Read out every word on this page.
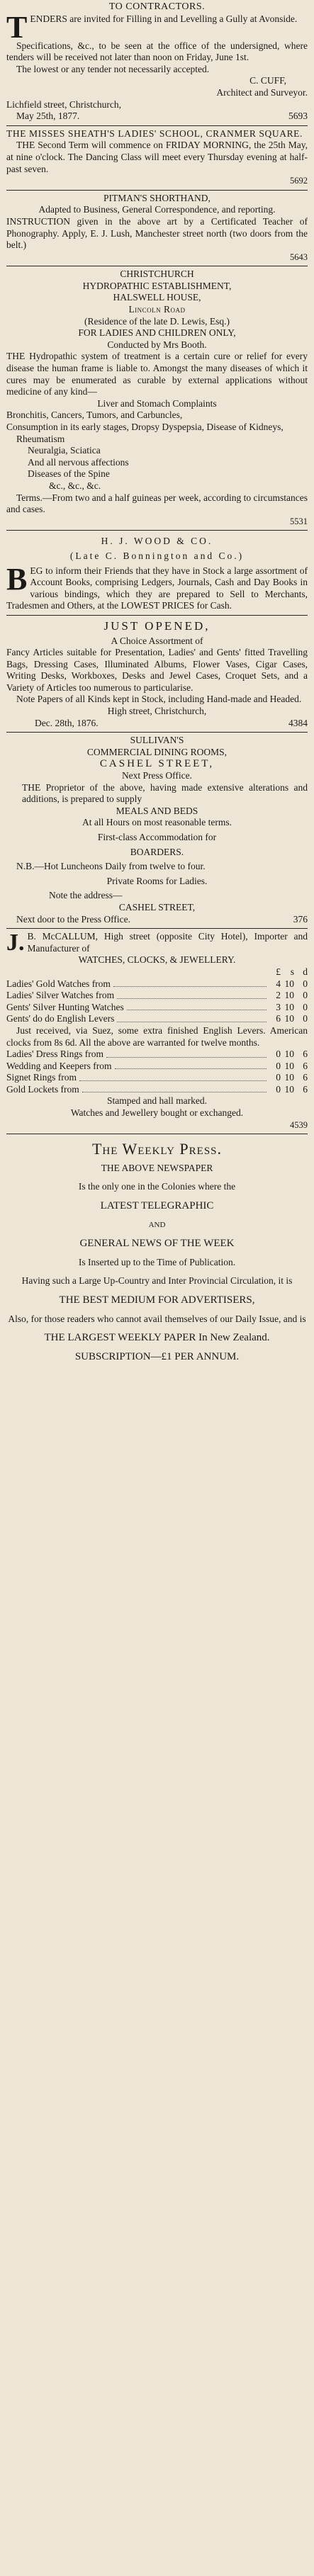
TO CONTRACTORS.

T ENDERS are invited for Filling in and Levelling a Gully at Avonside.

Specifications, &c., to be seen at the office of the undersigned, where tenders will be received not later than noon on Friday, June 1st.

The lowest or any tender not necessarily accepted.

C. CUFF,

Architect and Surveyor.

Lichfield street, Christchurch,

May 25th, 1877.	5693

THE MISSES SHEATH'S LADIES' SCHOOL, CRANMER SQUARE.

THE Second Term will commence on FRIDAY MORNING, the 25th May, at nine o'clock. The Dancing Class will meet every Thursday evening at half-past seven.

5692

PITMAN'S SHORTHAND,

Adapted to Business, General Correspondence, and reporting.

INSTRUCTION given in the above art by a Certificated Teacher of Phonography. Apply, E. J. Lush, Manchester street north (two doors from the belt.)

5643

CHRISTCHURCH

HYDROPATHIC ESTABLISHMENT,

HALSWELL HOUSE,

Lincoln Road

(Residence of the late D. Lewis, Esq.)

FOR LADIES AND CHILDREN ONLY,

Conducted by Mrs Booth.

THE Hydropathic system of treatment is a certain cure or relief for every disease the human frame is liable to. Amongst the many diseases of which it cures may be enumerated as curable by external applications without medicine of any kind—

Liver and Stomach Complaints

Bronchitis, Cancers, Tumors, and Carbuncles,

Consumption in its early stages, Dropsy Dyspepsia, Disease of Kidneys, Rheumatism

Neuralgia, Sciatica

And all nervous affections

Diseases of the Spine

&c., &c., &c.

Terms.—From two and a half guineas per week, according to circumstances and cases.

5531

H. J. WOOD & CO.

(Late C. Bonnington and Co.)

B EG to inform their Friends that they have in Stock a large assortment of Account Books, comprising Ledgers, Journals, Cash and Day Books in various bindings, which they are prepared to Sell to Merchants, Tradesmen and Others, at the LOWEST PRICES for Cash.

JUST OPENED,

A Choice Assortment of

Fancy Articles suitable for Presentation, Ladies' and Gents' fitted Travelling Bags, Dressing Cases, Illuminated Albums, Flower Vases, Cigar Cases, Writing Desks, Workboxes, Desks and Jewel Cases, Croquet Sets, and a Variety of Articles too numerous to particularise.

Note Papers of all Kinds kept in Stock, including Hand-made and Headed.

High street, Christchurch,

Dec. 28th, 1876.	4384

SULLIVAN'S

COMMERCIAL DINING ROOMS,

CASHEL STREET,

Next Press Office.

THE Proprietor of the above, having made extensive alterations and additions, is prepared to supply

MEALS AND BEDS

At all Hours on most reasonable terms.

First-class Accommodation for

BOARDERS.

N.B.—Hot Luncheons Daily from twelve to four.

Private Rooms for Ladies.

Note the address—

CASHEL STREET,

Next door to the Press Office.	376
J. B. McCALLUM, High street (opposite City Hotel), Importer and Manufacturer of

WATCHES, CLOCKS, & JEWELLERY.

£	s d
Ladies' Gold Watches from	4 10 0
Ladies' Silver Watches from	2 10 0
Gents' Silver Hunting Watches	3 10 0
Gents' do do English Levers	6 10 0

Just received, via Suez, some extra finished English Levers. American clocks from 8s 6d. All the above are warranted for twelve months.

Ladies' Dress Rings from	0 10 6
Wedding and Keepers from	0 10 6
Signet Rings from	0 10 6
Gold Lockets from	0 10 6

Stamped and hall marked.

Watches and Jewellery bought or exchanged.

4539

The Weekly Press.

THE ABOVE NEWSPAPER

Is the only one in the Colonies where the

LATEST TELEGRAPHIC

AND

GENERAL NEWS OF THE WEEK

Is Inserted up to the Time of Publication.

Having such a Large Up-Country and Inter Provincial Circulation, it is

THE BEST MEDIUM FOR ADVERTISERS,

Also, for those readers who cannot avail themselves of our Daily Issue, and is

THE LARGEST WEEKLY PAPER In New Zealand.

SUBSCRIPTION—£1 PER ANNUM.
